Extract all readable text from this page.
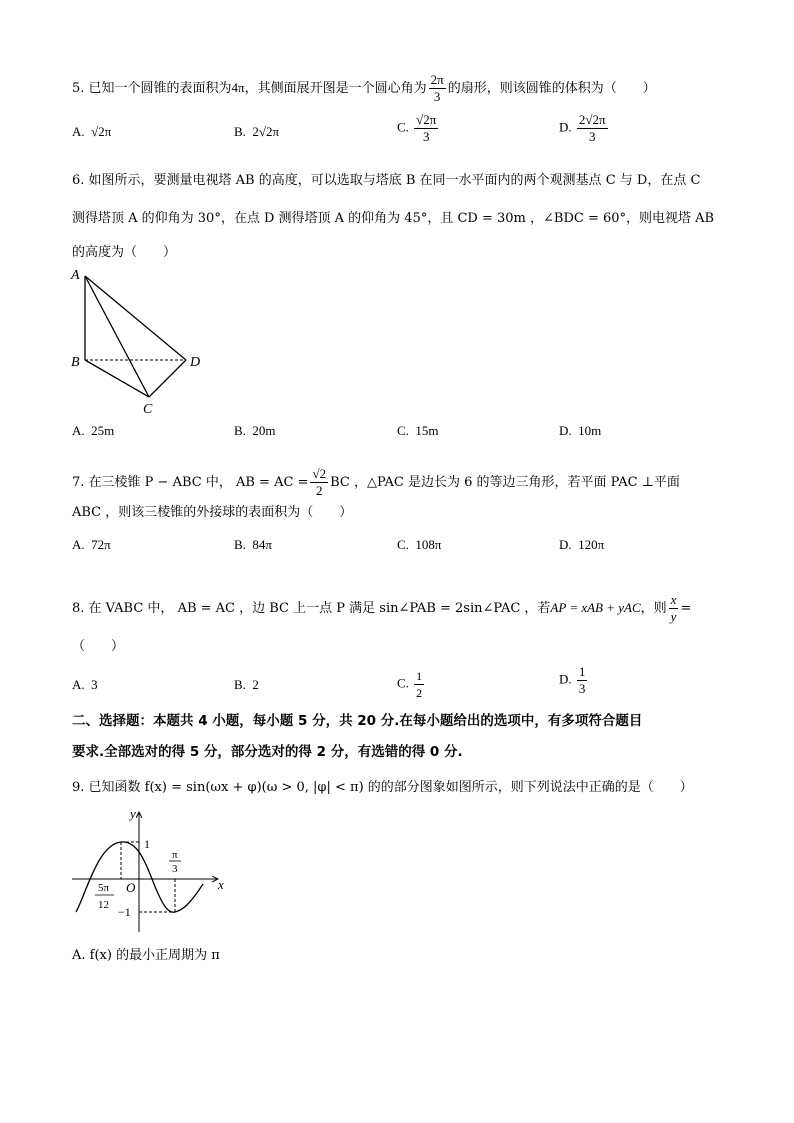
5. 已知一个圆锥的表面积为4π，其侧面展开图是一个圆心角为 $\frac{2\pi}{3}$ 的扇形，则该圆锥的体积为（　　）
A. √2π	B. 2√2π	C. $\frac{√2\pi}{3}$	D. $\frac{2√2\pi}{3}$
6. 如图所示，要测量电视塔 AB 的高度，可以选取与塔底 B 在同一水平面内的两个观测基点 C 与 D，在点 C
测得塔顶 A 的仰角为 30°，在点 D 测得塔顶 A 的仰角为 45°，且 CD = 30m ，∠BDC = 60°，则电视塔 AB
的高度为（　　）
A
B
C
D
A. 25m	B. 20m	C. 15m	D. 10m
7. 在三棱锥 P − ABC 中， AB = AC = $\frac{√2}{2}$ BC ，△PAC 是边长为 6 的等边三角形，若平面 PAC ⊥平面
ABC ，则该三棱锥的外接球的表面积为（　　）
A. 72π	B. 84π	C. 108π	D. 120π
8. 在 VABC 中， AB = AC ，边 BC 上一点 P 满足 sin∠PAB = 2sin∠PAC ，若AP = xAB + yAC，则 $\frac{x}{y}$ =
（　　）
A. 3	B. 2	C. $\frac{1}{2}$	D. $\frac{1}{3}$
二、选择题：本题共 4 小题，每小题 5 分，共 20 分.在每小题给出的选项中，有多项符合题目
要求.全部选对的得 5 分，部分选对的得 2 分，有选错的得 0 分.
9. 已知函数 f(x) = sin(ωx + φ)(ω > 0, |φ| < π) 的的部分图象如图所示，则下列说法中正确的是（　　）
y
x
O
1
−1
π
3
5π
12
A. f(x) 的最小正周期为 π
